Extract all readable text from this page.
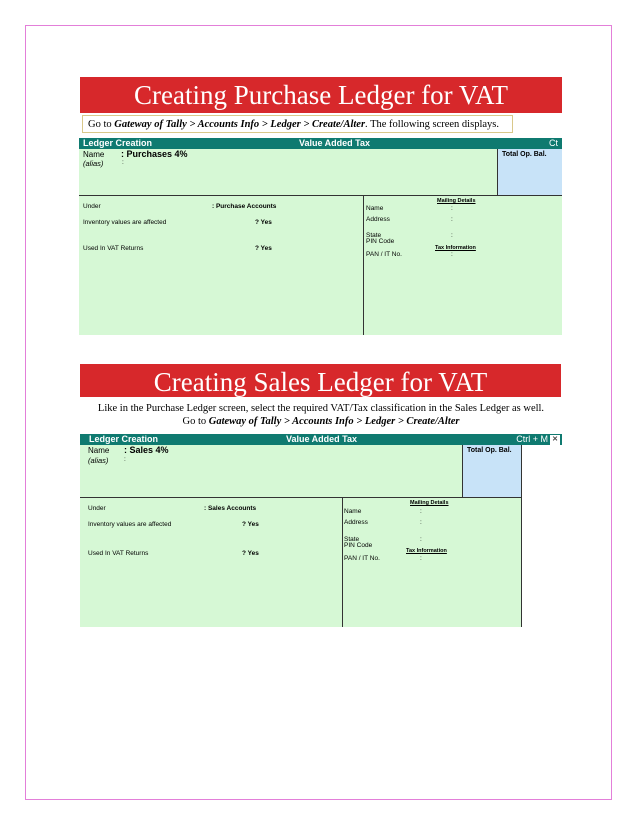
Creating Purchase Ledger for VAT
Go to Gateway of Tally > Accounts Info > Ledger > Create/Alter. The following screen displays.
Ledger Creation	Value Added Tax	Ct
Total Op. Bal.
Name : Purchases 4%
(alias)	:
Under	: Purchase Accounts
Inventory values are affected	? Yes
Used In VAT Returns	? Yes
Mailing Details
Name	:
Address	:
State	:
PIN Code
Tax Information
PAN / IT No.	:
Creating Sales Ledger for VAT
Like in the Purchase Ledger screen, select the required VAT/Tax classification in the Sales Ledger as well.
Go to Gateway of Tally > Accounts Info > Ledger > Create/Alter
Ledger Creation	Value Added Tax	Ctrl + M ✕
Total Op. Bal.
Name : Sales 4%
(alias) :
Under	: Sales Accounts
Inventory values are affected	? Yes
Used In VAT Returns	? Yes
Mailing Details
Name	:
Address	:
State	:
PIN Code
Tax Information
PAN / IT No.	:
